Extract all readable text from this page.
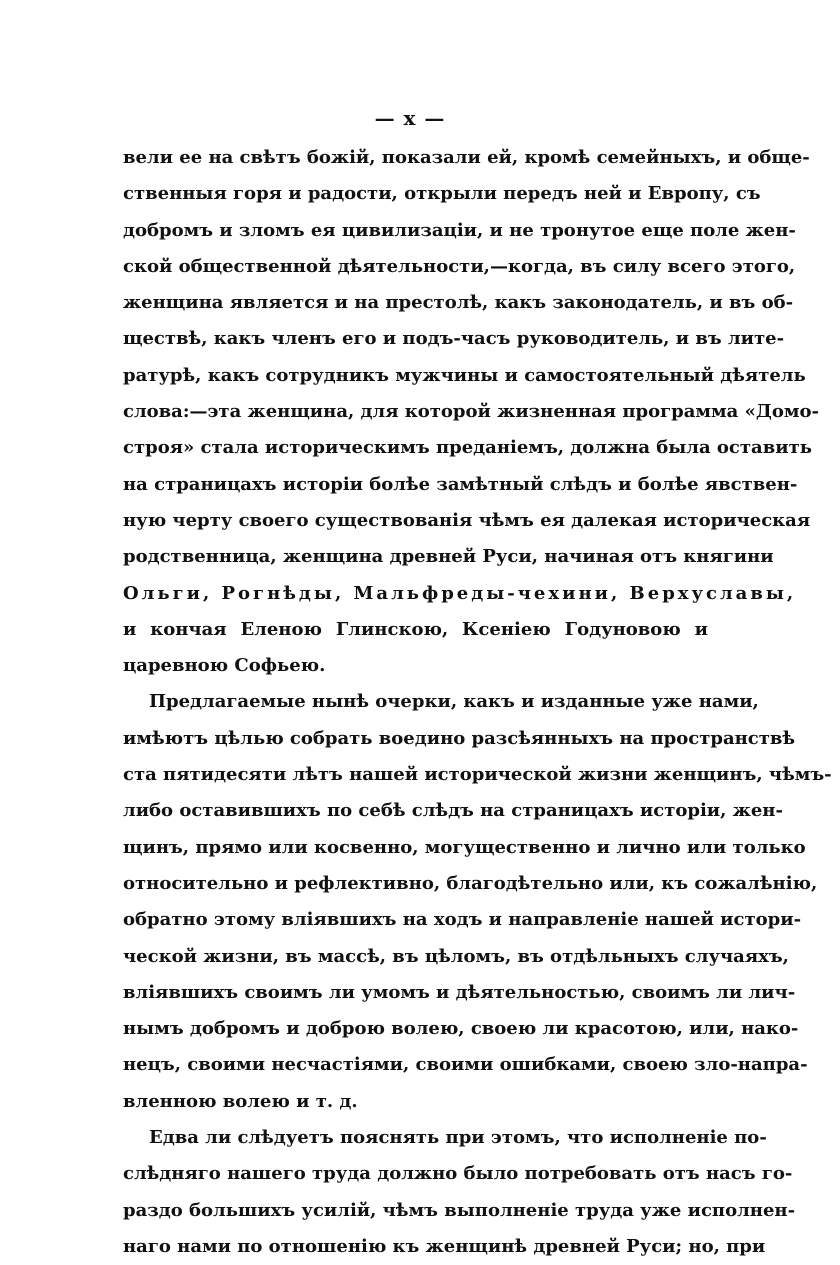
— x —
вели ее на свѣтъ божій, показали ей, кромѣ семейныхъ, и обще-
ственныя горя и радости, открыли передъ ней и Европу, съ
добромъ и зломъ ея цивилизаціи, и не тронутое еще поле жен-
ской общественной дѣятельности,—когда, въ силу всего этого,
женщина является и на престолѣ, какъ законодатель, и въ об-
ществѣ, какъ членъ его и подъ-часъ руководитель, и въ лите-
ратурѣ, какъ сотрудникъ мужчины и самостоятельный дѣятель
слова:—эта женщина, для которой жизненная программа «Домо-
строя» стала историческимъ преданіемъ, должна была оставить
на страницахъ исторіи болѣе замѣтный слѣдъ и болѣе явствен-
ную черту своего существованія чѣмъ ея далекая историческая
родственница, женщина древней Руси, начиная отъ княгини
Ольги, Рогнѣды, Мальфреды-чехини, Верхуславы,
и кончая Еленою Глинскою, Ксеніею Годуновою и
царевною Софьею.
Предлагаемые нынѣ очерки, какъ и изданные уже нами,
имѣютъ цѣлью собрать воедино разсѣянныхъ на пространствѣ
ста пятидесяти лѣтъ нашей исторической жизни женщинъ, чѣмъ-
либо оставившихъ по себѣ слѣдъ на страницахъ исторіи, жен-
щинъ, прямо или косвенно, могущественно и лично или только
относительно и рефлективно, благодѣтельно или, къ сожалѣнію,
обратно этому вліявшихъ на ходъ и направленіе нашей истори-
ческой жизни, въ массѣ, въ цѣломъ, въ отдѣльныхъ случаяхъ,
вліявшихъ своимъ ли умомъ и дѣятельностью, своимъ ли лич-
нымъ добромъ и доброю волею, своею ли красотою, или, нако-
нецъ, своими несчастіями, своими ошибками, своею зло-напра-
вленною волею и т. д.
Едва ли слѣдуетъ пояснять при этомъ, что исполненіе по-
слѣдняго нашего труда должно было потребовать отъ насъ го-
раздо большихъ усилій, чѣмъ выполненіе труда уже исполнен-
наго нами по отношенію къ женщинѣ древней Руси; но, при
